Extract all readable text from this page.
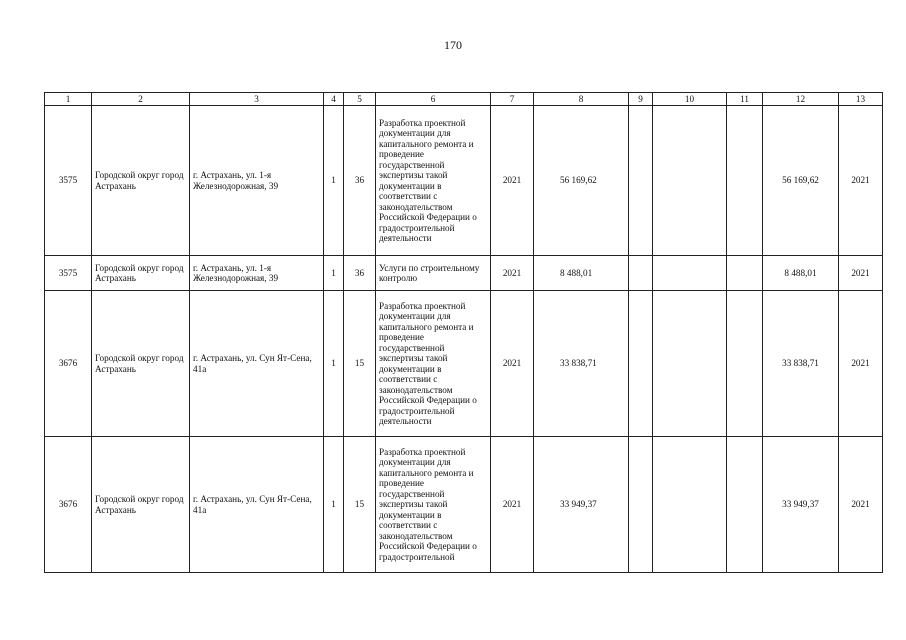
170
1	2	3	4	5	6	7	8	9	10	11	12	13
3575	Городской округ город Астрахань	г. Астрахань, ул. 1-я Железнодорожная, 39	1	36	Разработка проектной документации для капитального ремонта и проведение государственной экспертизы такой документации в соответствии с законодательством Российской Федерации о градостроительной деятельности	2021	56 169,62				56 169,62	2021
3575	Городской округ город Астрахань	г. Астрахань, ул. 1-я Железнодорожная, 39	1	36	Услуги по строительному контролю	2021	8 488,01				8 488,01	2021
3676	Городской округ город Астрахань	г. Астрахань, ул. Сун Ят-Сена, 41а	1	15	Разработка проектной документации для капитального ремонта и проведение государственной экспертизы такой документации в соответствии с законодательством Российской Федерации о градостроительной деятельности	2021	33 838,71				33 838,71	2021
3676	Городской округ город Астрахань	г. Астрахань, ул. Сун Ят-Сена, 41а	1	15	Разработка проектной документации для капитального ремонта и проведение государственной экспертизы такой документации в соответствии с законодательством Российской Федерации о градостроительной	2021	33 949,37				33 949,37	2021
